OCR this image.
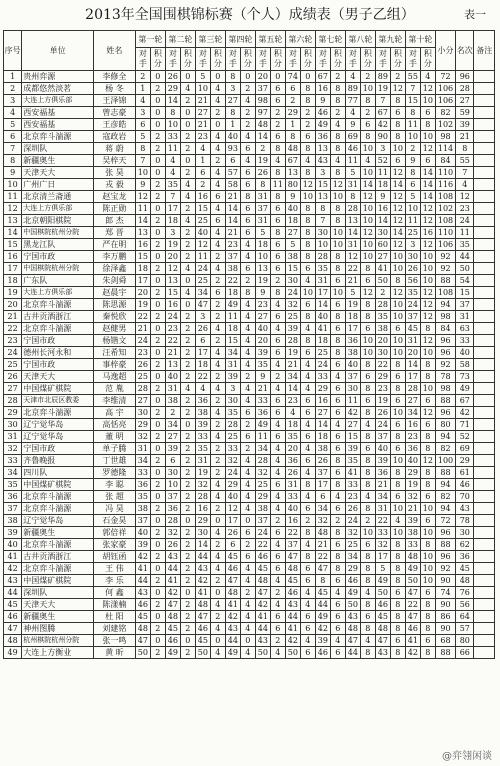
2013年全国围棋锦标赛（个人）成绩表（男子乙组）	表一
序号	单位	姓名	第一轮		第二轮		第三轮		第四轮		第五轮		第六轮		第七轮		第八轮		第九轮		第十轮		小分	名次	备注
			对手	积分	对手	积分	对手	积分	对手	积分	对手	积分	对手	积分	对手	积分	对手	积分	对手	积分	对手	积分			
1	贵州弈源	李修全	2	0	26	0	5	0	8	0	20	0	74	0	67	2	4	2	89	2	55	4	72	96	
2	成都悠然淡茗	杨 冬	1	2	29	4	10	4	3	2	37	6	6	8	16	8	89	10	19	12	7	12	106	28	
3	大连上方俱乐部	王泽锦	4	0	14	2	21	4	27	4	98	6	2	8	9	8	77	8	7	8	15	10	106	27	
4	西安福基	曾志豪	3	0	8	0	27	2	8	2	97	2	29	2	46	2	4	2	67	6	8	6	82	59	
5	西安福基	王彦皓	6	0	10	0	21	0	1	2	48	2	1	2	49	4	9	6	42	8	11	8	102	39	
6	北京弈斗湍源	寇政岩	5	2	33	2	23	4	40	4	14	6	8	6	36	8	69	8	90	8	10	10	98	21	
7	深圳队	蒋 蔚	8	2	11	2	4	4	93	6	2	8	48	8	13	8	46	10	3	10	2	12	114	8	
8	新疆奥生	吴梓天	7	0	4	0	1	2	6	4	19	4	67	4	43	4	11	4	52	6	9	6	84	55	
9	天津天大	张 昊	10	0	4	2	6	4	57	6	26	8	13	8	3	8	5	10	11	12	8	14	110	7	
10	广州广日	戎 毅	9	2	35	4	2	4	58	6	8	11	80	12	15	12	31	14	18	14	6	14	116	4	
11	北京清兰斋通	赵宝龙	12	2	7	4	16	6	21	8	31	8	9	10	13	10	8	12	9	12	5	14	108	12	
12	大连上方俱乐部	陈正勋	11	0	17	2	15	4	14	6	37	6	40	8	8	8	28	10	16	12	10	12	102	23	
13	北京朝阳棋院	郎 杰	14	2	18	4	25	6	14	6	31	6	18	8	7	8	13	10	14	12	11	12	108	24	
14	中国棋院杭州分院	郑 晋	13	0	3	2	40	4	21	6	5	8	27	8	30	10	14	12	30	14	25	16	110	11	
15	黑龙江队	严在明	16	2	19	2	12	4	23	4	18	6	5	8	10	10	31	10	60	12	3	12	106	35	
16	宁国市政	李万鹏	15	0	20	2	11	2	37	4	10	6	38	8	28	8	12	10	27	10	30	10	92	44	
17	中国棋院杭州分院	徐泽鑫	18	2	12	4	24	4	38	6	13	6	15	6	35	8	22	8	41	10	26	10	92	50	
18	广东队	朱剑舜	17	0	13	0	25	2	22	2	19	2	30	4	31	6	21	6	50	8	56	10	88	54	
19	大连上方俱乐部	赵晨宇	20	2	15	4	34	6	18	8	9	8	24	10	17	10	5	12	2	12	35	12	108	15	
20	北京弈斗湍源	陈思源	19	0	16	0	47	2	49	4	23	4	32	6	14	6	19	8	28	10	24	12	94	37	
21	古井贡酒浙江	秦悦欣	22	2	24	2	3	2	11	4	27	6	25	8	40	8	18	8	35	10	37	12	98	31	
22	北京弈斗湍源	赵健男	21	0	23	2	26	4	18	4	40	4	39	4	41	6	17	6	38	6	45	8	84	63	
23	宁国市政	杨锴文	24	2	22	2	6	2	15	4	20	6	28	8	18	8	36	10	20	10	31	12	96	33	
24	德州长河永和	汪希知	23	0	21	2	17	4	34	4	39	6	19	6	25	8	38	10	30	10	20	10	96	40	
25	宁国市政	事梓豪	26	2	13	2	18	4	31	4	35	4	21	4	24	6	40	8	22	8	14	8	92	58	
26	天津天大	马逸超	25	0	40	2	22	2	39	2	9	2	34	4	33	4	37	6	29	6	17	8	78	73	
27	中国煤矿棋院	范 胤	28	2	31	4	4	4	3	4	21	4	14	4	29	6	30	8	23	8	28	10	98	49	
28	天津市北辰区教委	李维清	27	0	38	2	36	2	30	4	33	6	23	6	16	6	11	6	19	6	27	6	88	67	
29	北京弈斗湍源	高 宇	30	2	2	2	38	4	35	6	36	6	4	6	27	6	42	8	26	10	34	12	96	42	
30	辽宁觉华岛	高恬亮	29	0	34	0	39	2	28	2	49	4	18	4	14	4	27	4	24	6	16	6	80	71	
31	辽宁觉华岛	董 明	32	2	27	2	33	4	25	6	11	6	35	6	18	6	15	8	37	8	23	8	94	52	
32	宁国市政	单子腾	31	0	39	2	35	2	33	2	34	4	20	4	38	6	39	6	40	6	36	8	82	69	
33	齐鲁晚报	丁世雄	34	2	6	2	31	2	32	4	28	4	36	6	26	8	35	8	39	10	40	12	100	29	
34	四川队	罗德隆	33	0	30	2	19	2	24	4	32	4	26	4	37	6	41	8	36	8	29	8	88	61	
35	中国煤矿棋院	李 聪	36	2	10	2	32	4	29	4	25	6	31	8	17	8	33	8	21	8	19	8	94	46	
36	北京弈斗湍源	张 超	35	0	37	2	28	4	40	4	29	4	33	4	6	4	23	4	34	6	32	6	82	70	
37	北京弈斗湍源	冯 昊	38	2	36	2	16	2	12	4	38	4	40	6	34	6	26	8	31	10	21	10	94	43	
38	辽宁觉华岛	石金昊	37	0	28	0	29	0	17	0	37	2	16	2	32	2	24	2	22	4	39	6	72	78	
39	新疆奥生	郭倍祥	40	2	32	2	30	4	26	6	24	6	22	8	48	8	32	10	33	10	38	10	96	30	
40	北京弈斗湍源	张家豪	39	0	26	2	14	2	6	2	22	4	37	4	21	6	25	6	32	8	33	8	88	62	
41	古井贡酒浙江	胡钰函	42	2	43	2	44	4	45	6	46	6	47	8	22	8	34	8	17	8	48	10	96	36	
42	北京弈斗湍源	王 伟	41	0	44	2	43	4	46	4	45	6	48	6	47	8	29	8	5	8	49	10	92	45	
43	中国煤矿棋院	李 乐	44	2	41	2	42	2	47	4	48	4	45	6	8	6	46	8	49	8	50	10	90	48	
44	深圳队	何 鑫	43	0	42	0	41	0	48	2	47	2	46	4	45	4	49	4	50	6	47	6	74	76	
45	天津天大	陈漾楠	46	2	47	2	48	4	41	4	42	4	43	4	44	6	50	8	46	8	22	8	90	56	
46	新疆奥生	杜 阳	45	0	48	2	47	2	42	4	41	6	44	6	49	6	43	6	45	8	47	8	86	64	
47	神州图腾	刘建铭	48	2	45	2	46	4	43	4	44	6	41	6	42	6	48	8	48	8	46	8	90	57	
48	杭州棋院杭州分院	张一鸣	47	0	46	0	45	0	44	0	43	2	42	4	39	4	47	4	47	6	41	6	68	80	
49	大连上方衡业	黄 昕	50	2	49	2	50	4	49	4	50	4	50	6	46	6	44	8	43	8	42	8	88	66	
@弈翎闲谈
